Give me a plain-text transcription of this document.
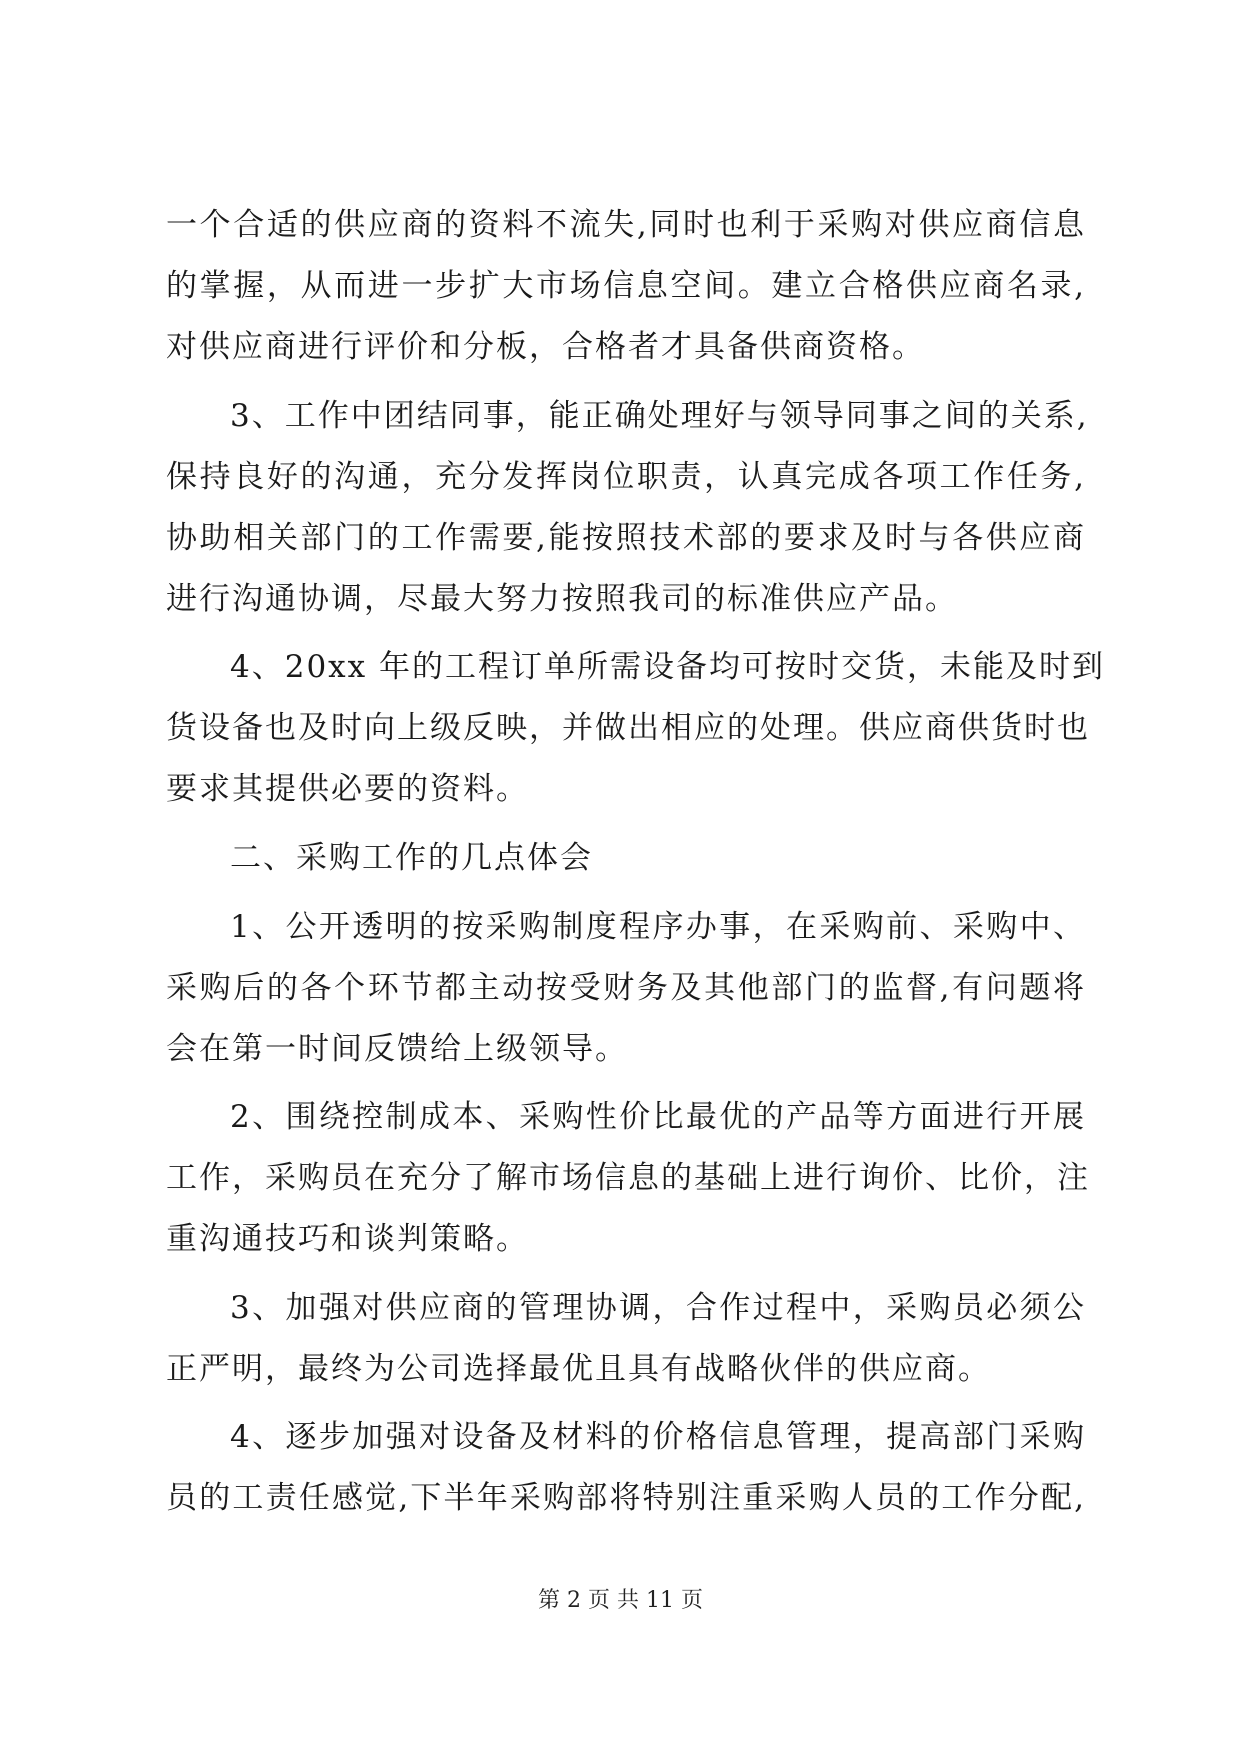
一个合适的供应商的资料不流失,同时也利于采购对供应商信息
的掌握，从而进一步扩大市场信息空间。建立合格供应商名录,
对供应商进行评价和分板，合格者才具备供商资格。
3、工作中团结同事，能正确处理好与领导同事之间的关系,
保持良好的沟通，充分发挥岗位职责，认真完成各项工作任务,
协助相关部门的工作需要,能按照技术部的要求及时与各供应商
进行沟通协调，尽最大努力按照我司的标准供应产品。
4、20xx 年的工程订单所需设备均可按时交货，未能及时到
货设备也及时向上级反映，并做出相应的处理。供应商供货时也
要求其提供必要的资料。
二、采购工作的几点体会
1、公开透明的按采购制度程序办事，在采购前、采购中、
采购后的各个环节都主动按受财务及其他部门的监督,有问题将
会在第一时间反馈给上级领导。
2、围绕控制成本、采购性价比最优的产品等方面进行开展
工作，采购员在充分了解市场信息的基础上进行询价、比价，注
重沟通技巧和谈判策略。
3、加强对供应商的管理协调，合作过程中，采购员必须公
正严明，最终为公司选择最优且具有战略伙伴的供应商。
4、逐步加强对设备及材料的价格信息管理，提高部门采购
员的工责任感觉,下半年采购部将特别注重采购人员的工作分配,
第 2 页 共 11 页
